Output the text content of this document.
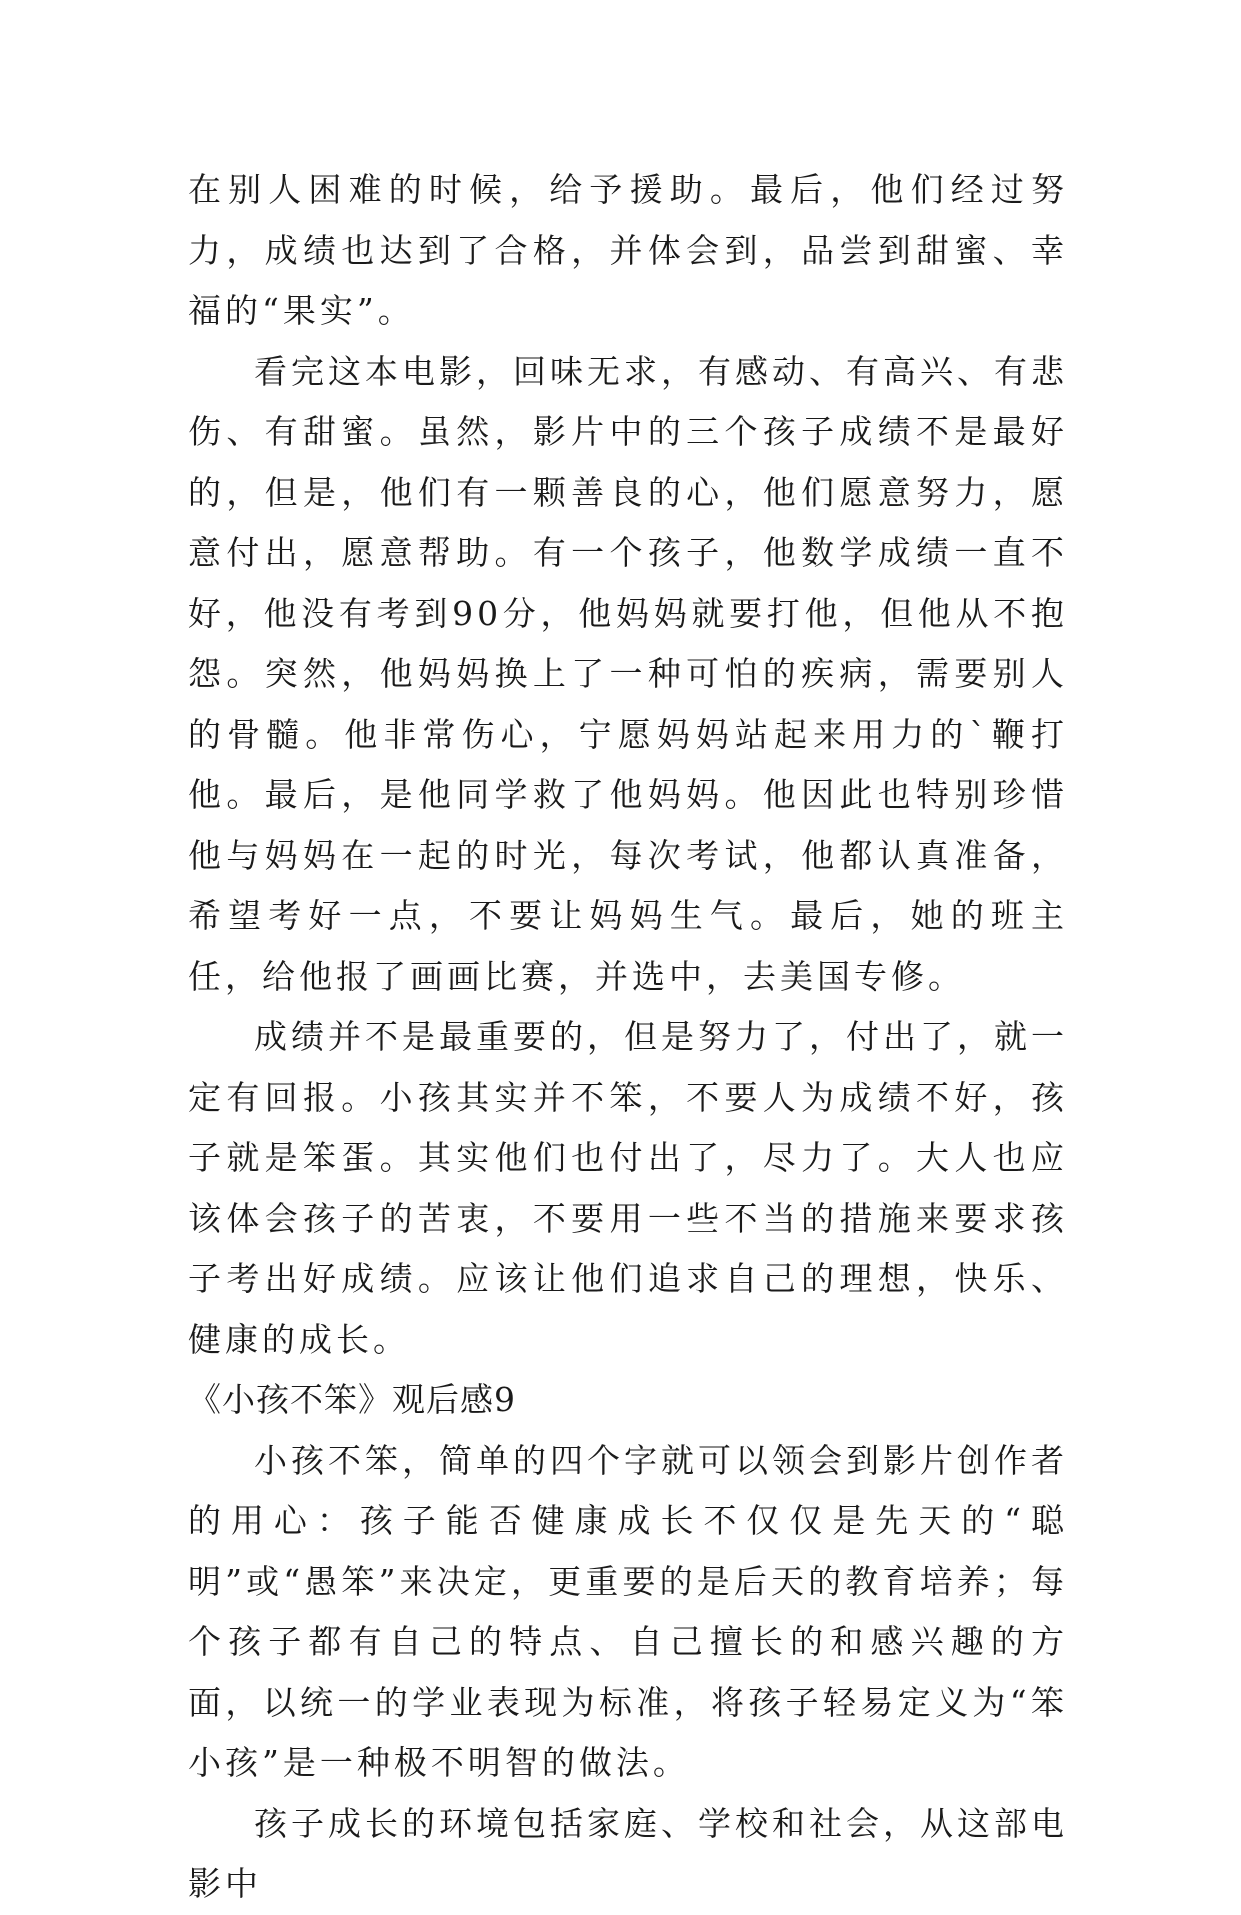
在别人困难的时候，给予援助。最后，他们经过努力，成绩也达到了合格，并体会到，品尝到甜蜜、幸福的“果实”。

看完这本电影，回味无求，有感动、有高兴、有悲伤、有甜蜜。虽然，影片中的三个孩子成绩不是最好的，但是，他们有一颗善良的心，他们愿意努力，愿意付出，愿意帮助。有一个孩子，他数学成绩一直不好，他没有考到90分，他妈妈就要打他，但他从不抱怨。突然，他妈妈换上了一种可怕的疾病，需要别人的骨髓。他非常伤心，宁愿妈妈站起来用力的`鞭打他。最后，是他同学救了他妈妈。他因此也特别珍惜他与妈妈在一起的时光，每次考试，他都认真准备，希望考好一点，不要让妈妈生气。最后，她的班主任，给他报了画画比赛，并选中，去美国专修。

成绩并不是最重要的，但是努力了，付出了，就一定有回报。小孩其实并不笨，不要人为成绩不好，孩子就是笨蛋。其实他们也付出了，尽力了。大人也应该体会孩子的苦衷，不要用一些不当的措施来要求孩子考出好成绩。应该让他们追求自己的理想，快乐、健康的成长。

《小孩不笨》观后感9

小孩不笨，简单的四个字就可以领会到影片创作者的用心：孩子能否健康成长不仅仅是先天的“聪明”或“愚笨”来决定，更重要的是后天的教育培养；每个孩子都有自己的特点、自己擅长的和感兴趣的方面，以统一的学业表现为标准，将孩子轻易定义为“笨小孩”是一种极不明智的做法。

孩子成长的环境包括家庭、学校和社会，从这部电影中
